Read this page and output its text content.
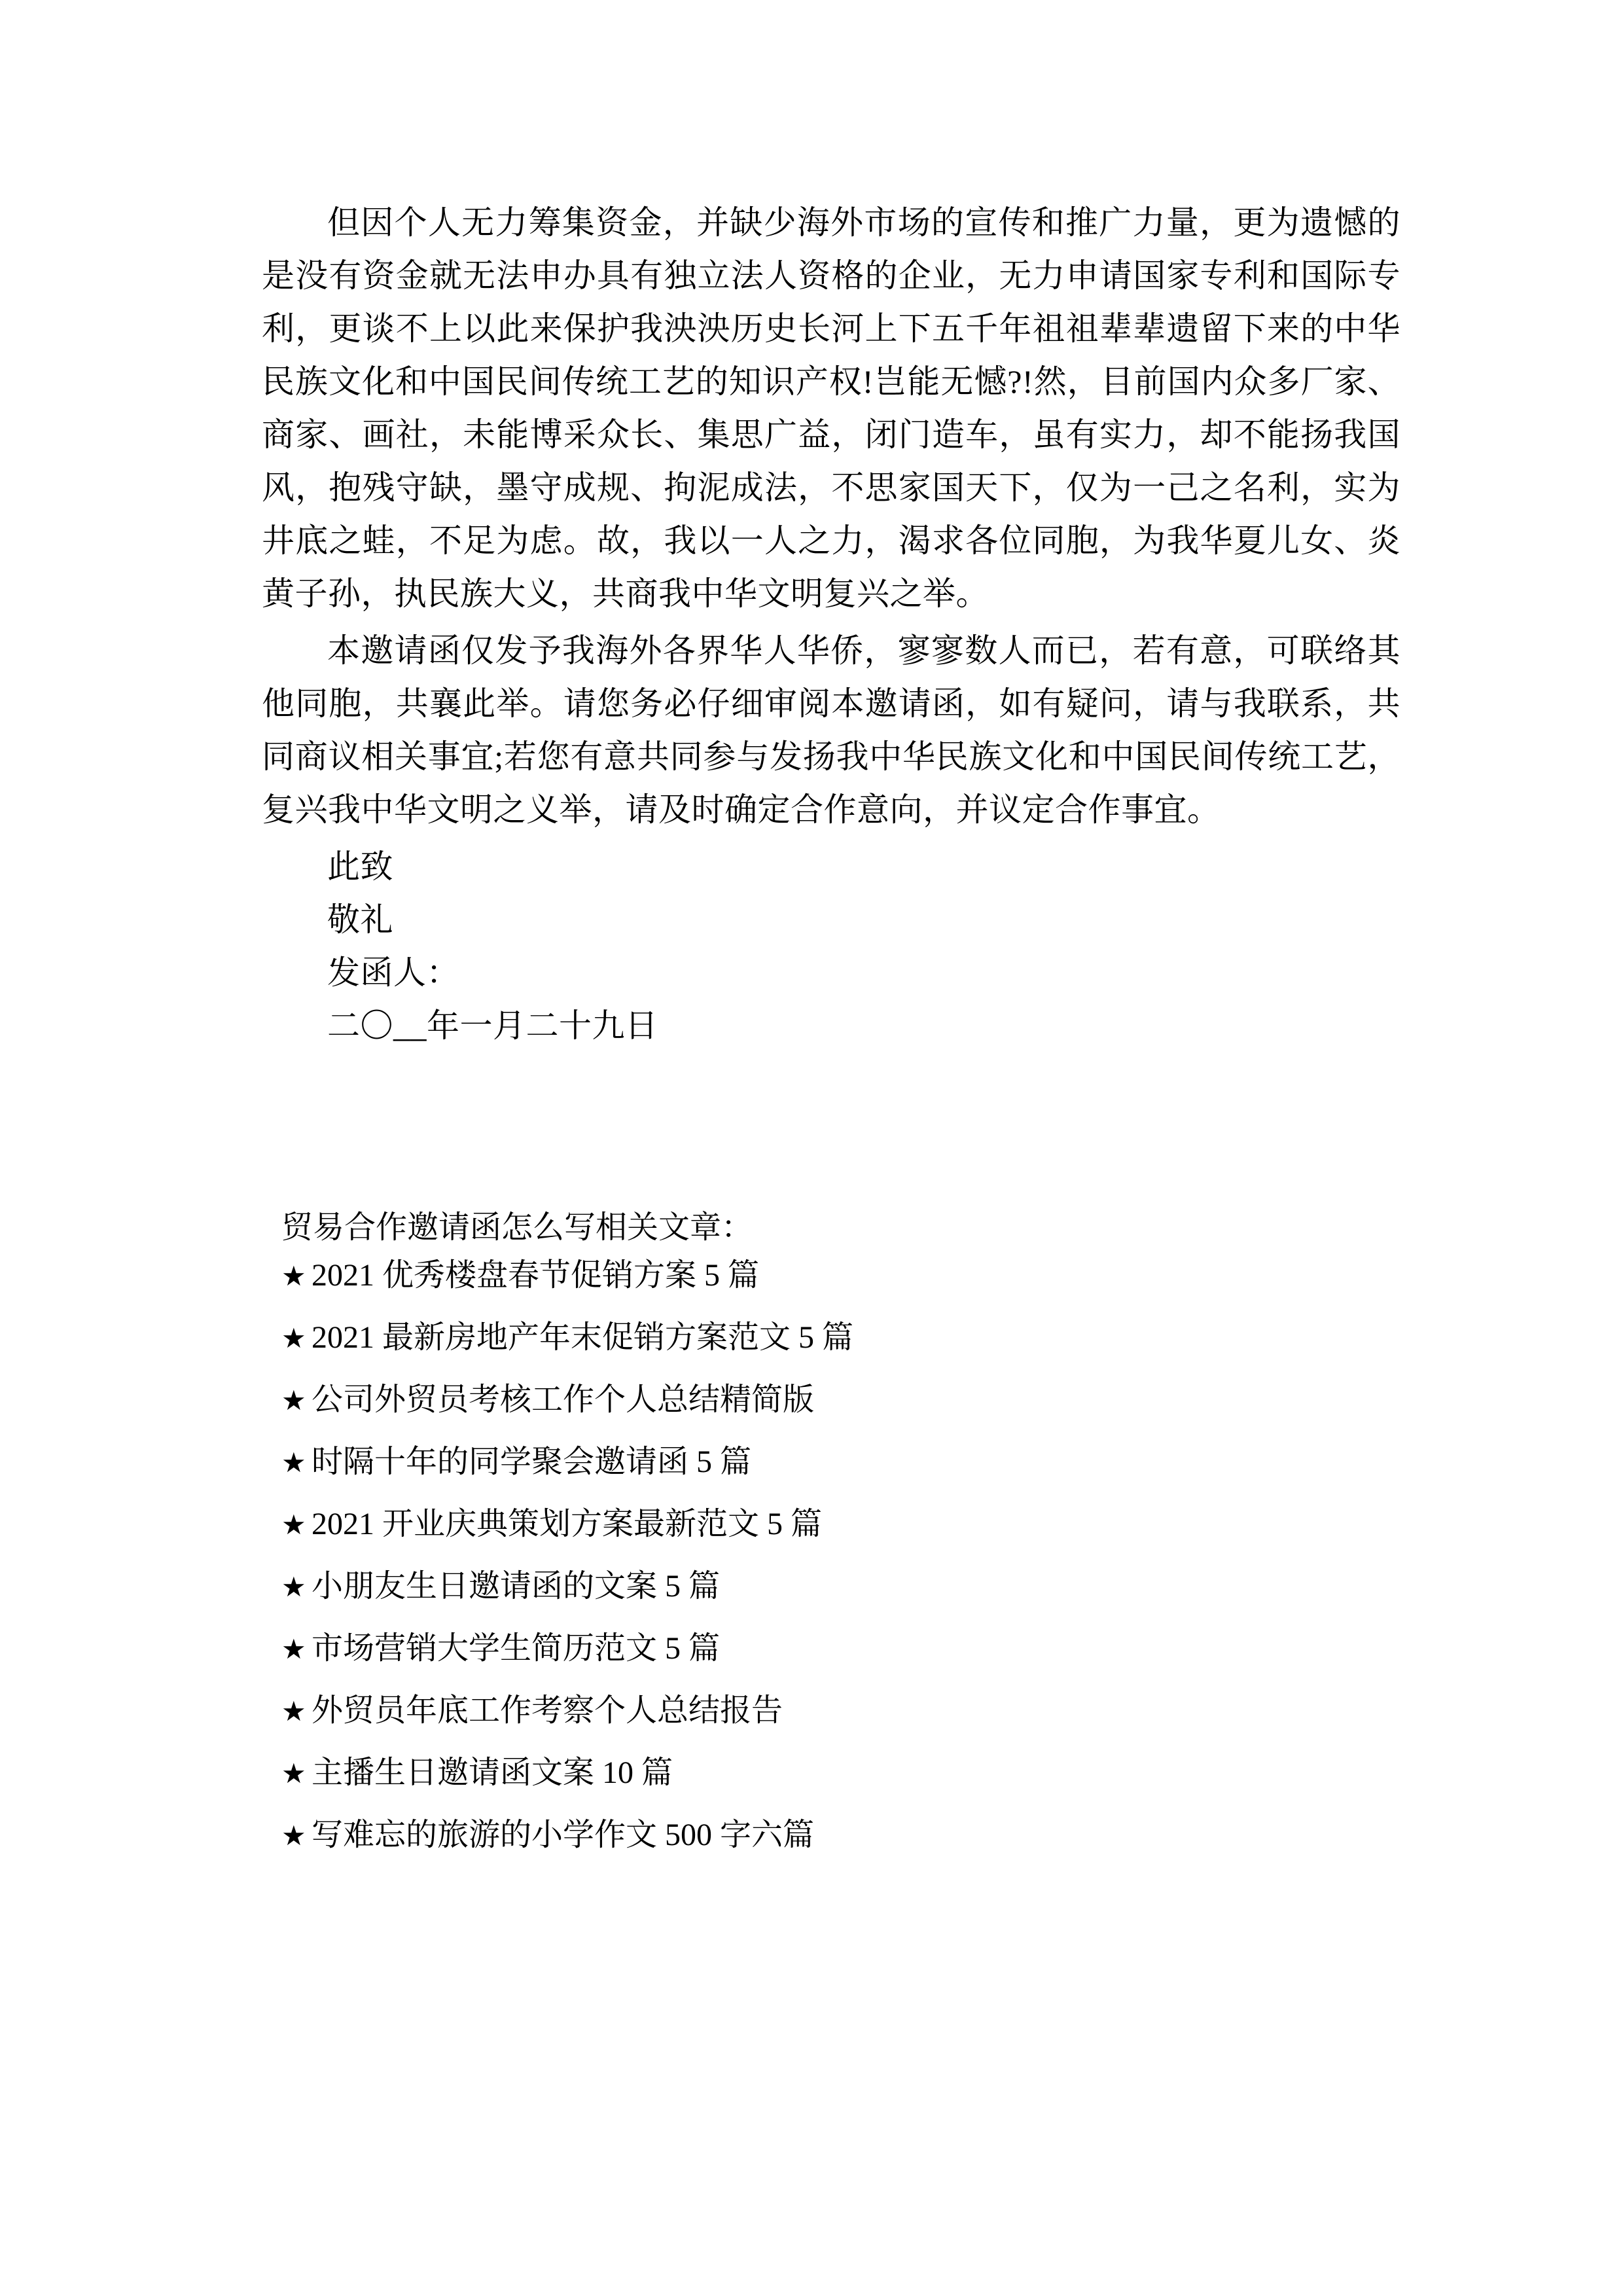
但因个人无力筹集资金，并缺少海外市场的宣传和推广力量，更为遗憾的是没有资金就无法申办具有独立法人资格的企业，无力申请国家专利和国际专利，更谈不上以此来保护我泱泱历史长河上下五千年祖祖辈辈遗留下来的中华民族文化和中国民间传统工艺的知识产权!岂能无憾?!然，目前国内众多厂家、商家、画社，未能博采众长、集思广益，闭门造车，虽有实力，却不能扬我国风，抱残守缺，墨守成规、拘泥成法，不思家国天下，仅为一己之名利，实为井底之蛙，不足为虑。故，我以一人之力，渴求各位同胞，为我华夏儿女、炎黄子孙，执民族大义，共商我中华文明复兴之举。

本邀请函仅发予我海外各界华人华侨，寥寥数人而已，若有意，可联络其他同胞，共襄此举。请您务必仔细审阅本邀请函，如有疑问，请与我联系，共同商议相关事宜;若您有意共同参与发扬我中华民族文化和中国民间传统工艺，复兴我中华文明之义举，请及时确定合作意向，并议定合作事宜。

此致

敬礼

发函人：

二〇__年一月二十九日

贸易合作邀请函怎么写相关文章：

★ 2021 优秀楼盘春节促销方案 5 篇
★ 2021 最新房地产年末促销方案范文 5 篇
★ 公司外贸员考核工作个人总结精简版
★ 时隔十年的同学聚会邀请函 5 篇
★ 2021 开业庆典策划方案最新范文 5 篇
★ 小朋友生日邀请函的文案 5 篇
★ 市场营销大学生简历范文 5 篇
★ 外贸员年底工作考察个人总结报告
★ 主播生日邀请函文案 10 篇
★ 写难忘的旅游的小学作文 500 字六篇
